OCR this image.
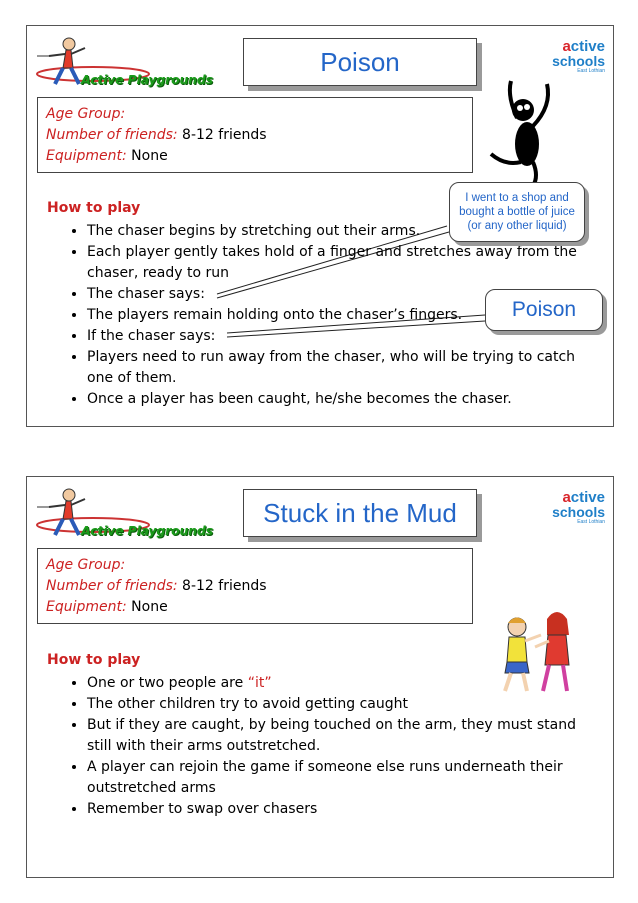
Active Playgrounds
Poison	active
schools
East Lothian
Age Group:
Number of friends: 8-12 friends
Equipment: None
How to play
• The chaser begins by stretching out their arms.
• Each player gently takes hold of a finger and stretches away from the chaser, ready to run
• The chaser says:
• The players remain holding onto the chaser’s fingers.
• If the chaser says:
• Players need to run away from the chaser, who will be trying to catch one of them.
• Once a player has been caught, he/she becomes the chaser.
I went to a shop and
bought a bottle of juice
(or any other liquid)
Poison
Active Playgrounds
Stuck in the Mud	active
schools
East Lothian
Age Group:
Number of friends: 8-12 friends
Equipment: None
How to play
• One or two people are “it”
• The other children try to avoid getting caught
• But if they are caught, by being touched on the arm, they must stand still with their arms outstretched.
• A player can rejoin the game if someone else runs underneath their outstretched arms
• Remember to swap over chasers
